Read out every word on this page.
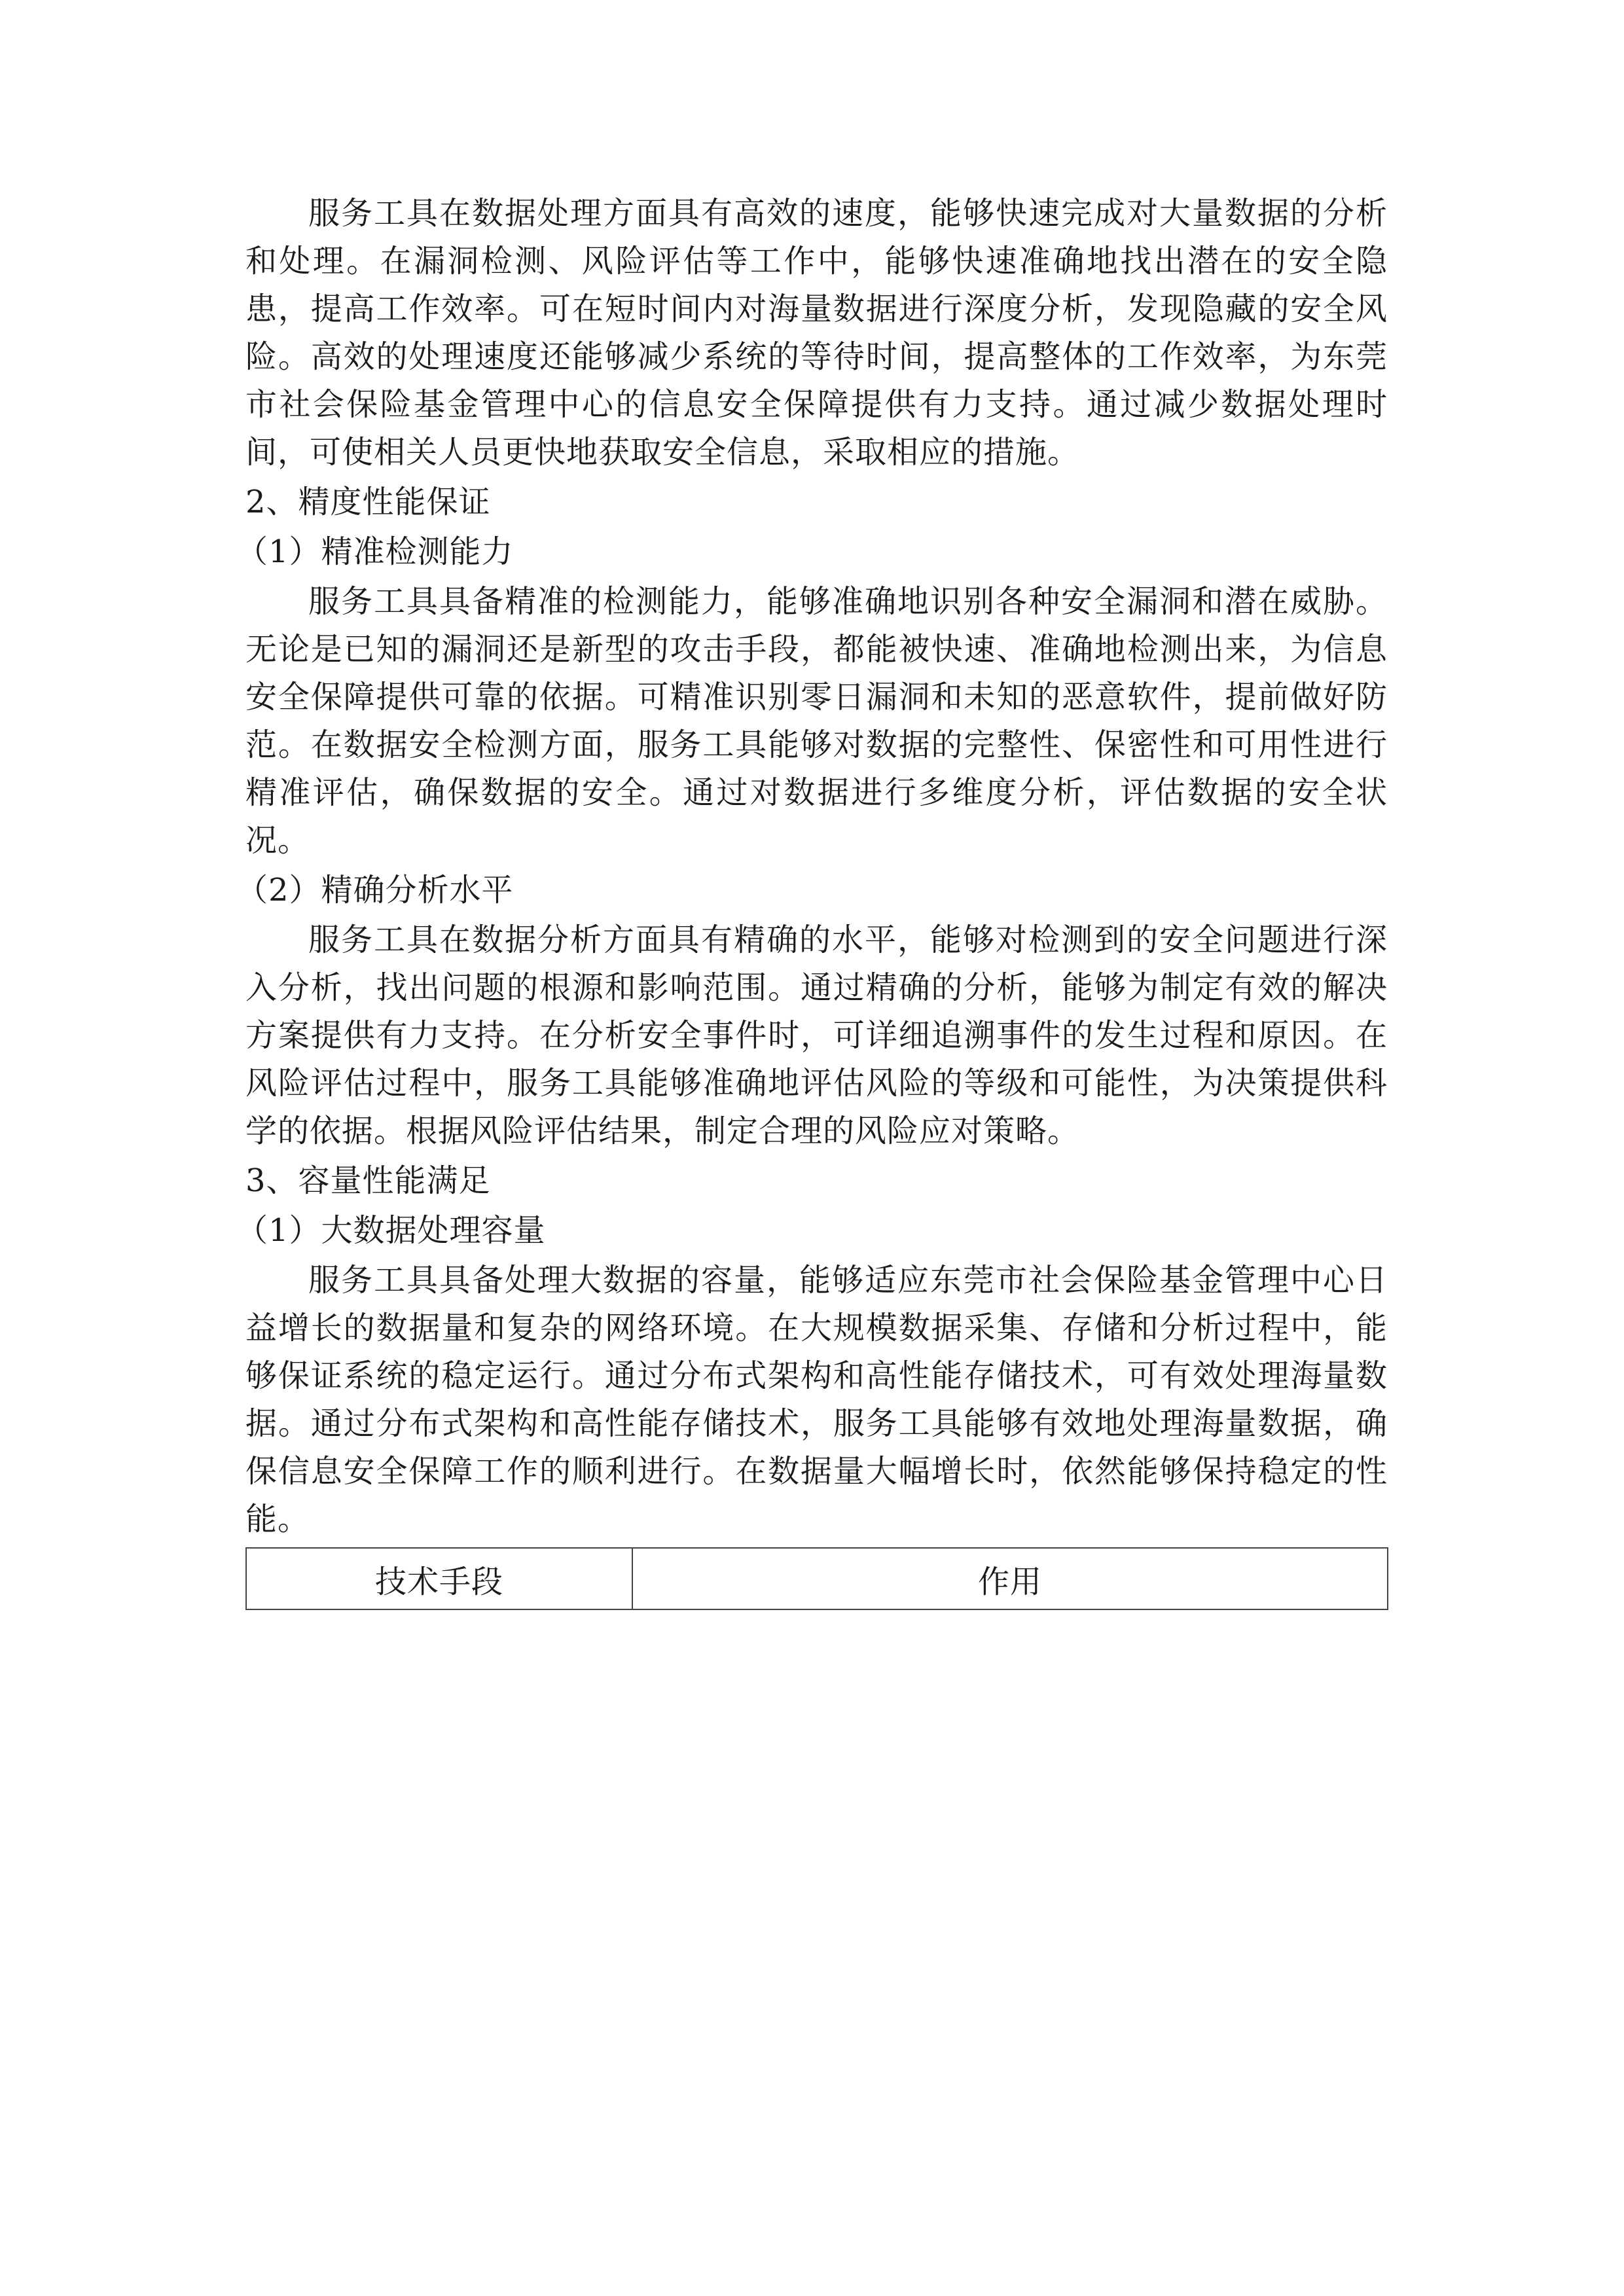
服务工具在数据处理方面具有高效的速度，能够快速完成对大量数据的分析和处理。在漏洞检测、风险评估等工作中，能够快速准确地找出潜在的安全隐患，提高工作效率。可在短时间内对海量数据进行深度分析，发现隐藏的安全风险。高效的处理速度还能够减少系统的等待时间，提高整体的工作效率，为东莞市社会保险基金管理中心的信息安全保障提供有力支持。通过减少数据处理时间，可使相关人员更快地获取安全信息，采取相应的措施。

2、精度性能保证

（1）精准检测能力

服务工具具备精准的检测能力，能够准确地识别各种安全漏洞和潜在威胁。无论是已知的漏洞还是新型的攻击手段，都能被快速、准确地检测出来，为信息安全保障提供可靠的依据。可精准识别零日漏洞和未知的恶意软件，提前做好防范。在数据安全检测方面，服务工具能够对数据的完整性、保密性和可用性进行精准评估，确保数据的安全。通过对数据进行多维度分析，评估数据的安全状况。

（2）精确分析水平

服务工具在数据分析方面具有精确的水平，能够对检测到的安全问题进行深入分析，找出问题的根源和影响范围。通过精确的分析，能够为制定有效的解决方案提供有力支持。在分析安全事件时，可详细追溯事件的发生过程和原因。在风险评估过程中，服务工具能够准确地评估风险的等级和可能性，为决策提供科学的依据。根据风险评估结果，制定合理的风险应对策略。

3、容量性能满足

（1）大数据处理容量

服务工具具备处理大数据的容量，能够适应东莞市社会保险基金管理中心日益增长的数据量和复杂的网络环境。在大规模数据采集、存储和分析过程中，能够保证系统的稳定运行。通过分布式架构和高性能存储技术，可有效处理海量数据。通过分布式架构和高性能存储技术，服务工具能够有效地处理海量数据，确保信息安全保障工作的顺利进行。在数据量大幅增长时，依然能够保持稳定的性能。

技术手段	作用
